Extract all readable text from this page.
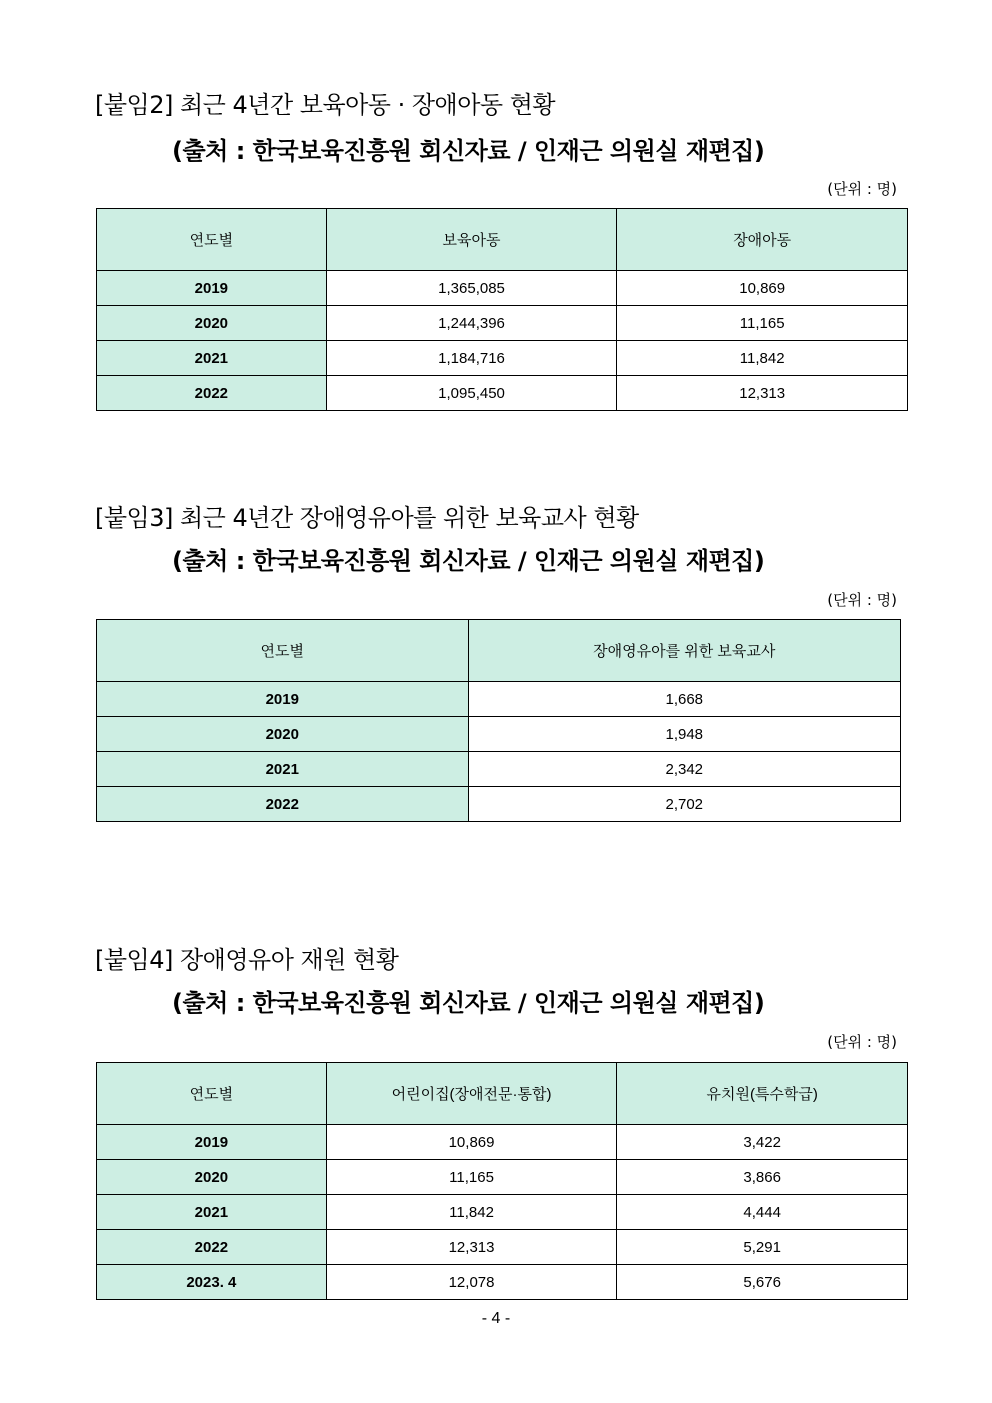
[붙임2] 최근 4년간 보육아동 · 장애아동 현황
(출처 : 한국보육진흥원 회신자료 / 인재근 의원실 재편집)
(단위 : 명)
연도별	보육아동	장애아동
2019	1,365,085	10,869
2020	1,244,396	11,165
2021	1,184,716	11,842
2022	1,095,450	12,313
[붙임3] 최근 4년간 장애영유아를 위한 보육교사 현황
(출처 : 한국보육진흥원 회신자료 / 인재근 의원실 재편집)
(단위 : 명)
연도별	장애영유아를 위한 보육교사
2019	1,668
2020	1,948
2021	2,342
2022	2,702
[붙임4] 장애영유아 재원 현황
(출처 : 한국보육진흥원 회신자료 / 인재근 의원실 재편집)
(단위 : 명)
연도별	어린이집(장애전문·통합)	유치원(특수학급)
2019	10,869	3,422
2020	11,165	3,866
2021	11,842	4,444
2022	12,313	5,291
2023. 4	12,078	5,676
- 4 -
